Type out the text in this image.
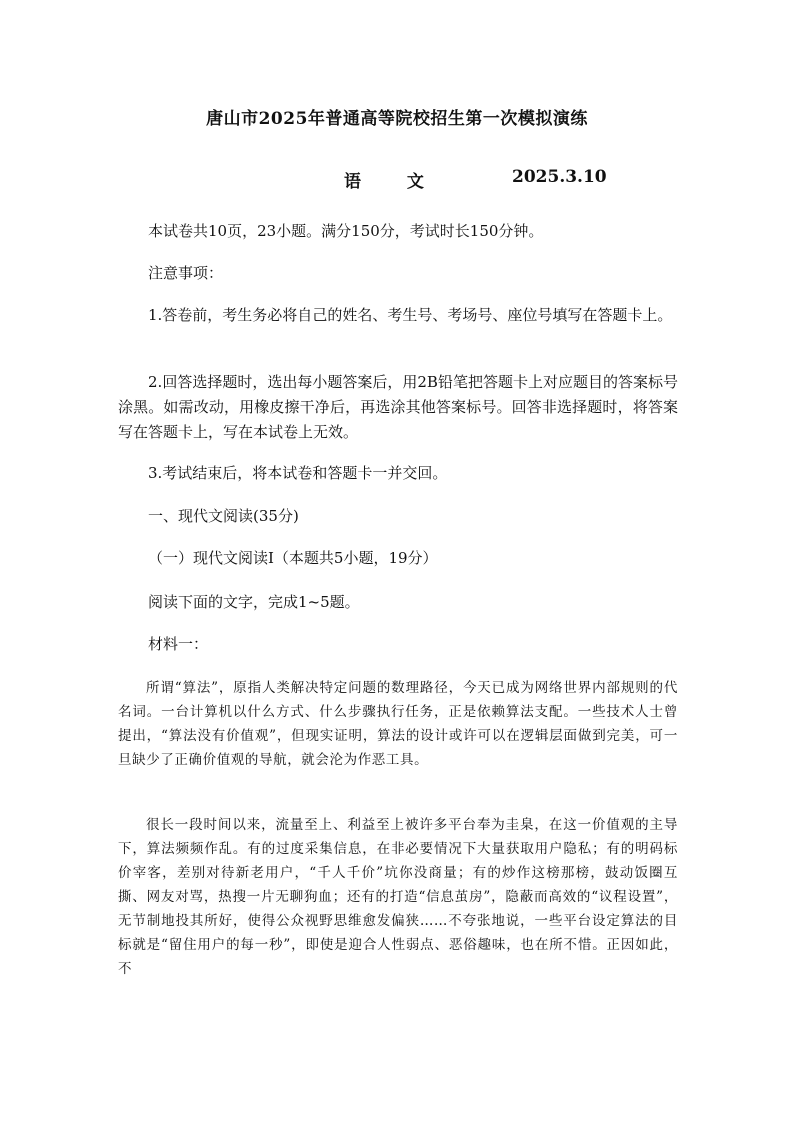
唐山市2025年普通高等院校招生第一次模拟演练
语 文	2025.3.10

本试卷共10页，23小题。满分150分，考试时长150分钟。

注意事项：

1.答卷前，考生务必将自己的姓名、考生号、考场号、座位号填写在答题卡上。

2.回答选择题时，选出每小题答案后，用2B铅笔把答题卡上对应题目的答案标号涂黑。如需改动，用橡皮擦干净后，再选涂其他答案标号。回答非选择题时，将答案写在答题卡上，写在本试卷上无效。

3.考试结束后，将本试卷和答题卡一并交回。

一、现代文阅读(35分)

（一）现代文阅读Ⅰ（本题共5小题，19分）

阅读下面的文字，完成1~5题。

材料一：

所谓“算法”，原指人类解决特定问题的数理路径，今天已成为网络世界内部规则的代名词。一台计算机以什么方式、什么步骤执行任务，正是依赖算法支配。一些技术人士曾提出，“算法没有价值观”，但现实证明，算法的设计或许可以在逻辑层面做到完美，可一旦缺少了正确价值观的导航，就会沦为作恶工具。

很长一段时间以来，流量至上、利益至上被许多平台奉为圭臬，在这一价值观的主导下，算法频频作乱。有的过度采集信息，在非必要情况下大量获取用户隐私；有的明码标价宰客，差别对待新老用户，“千人千价”坑你没商量；有的炒作这榜那榜，鼓动饭圈互撕、网友对骂，热搜一片无聊狗血；还有的打造“信息茧房”，隐蔽而高效的“议程设置”，无节制地投其所好，使得公众视野思维愈发偏狭……不夸张地说，一些平台设定算法的目标就是“留住用户的每一秒”，即使是迎合人性弱点、恶俗趣味，也在所不惜。正因如此，不
